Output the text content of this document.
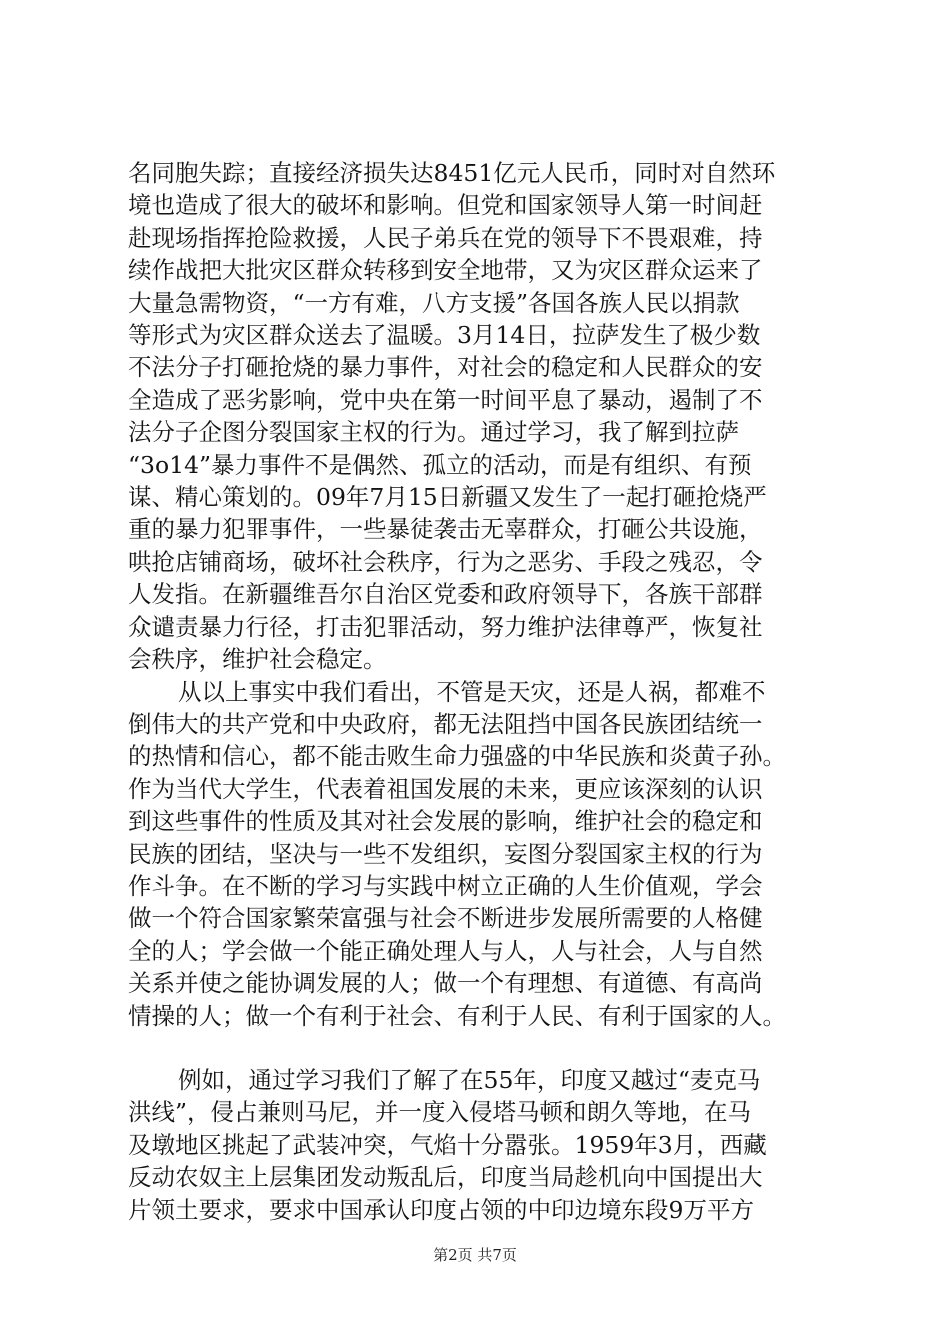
名同胞失踪；直接经济损失达8451亿元人民币，同时对自然环
境也造成了很大的破坏和影响。但党和国家领导人第一时间赶
赴现场指挥抢险救援，人民子弟兵在党的领导下不畏艰难，持
续作战把大批灾区群众转移到安全地带，又为灾区群众运来了
大量急需物资，“一方有难，八方支援”各国各族人民以捐款
等形式为灾区群众送去了温暖。3月14日，拉萨发生了极少数
不法分子打砸抢烧的暴力事件，对社会的稳定和人民群众的安
全造成了恶劣影响，党中央在第一时间平息了暴动，遏制了不
法分子企图分裂国家主权的行为。通过学习，我了解到拉萨
“3o14”暴力事件不是偶然、孤立的活动，而是有组织、有预
谋、精心策划的。09年7月15日新疆又发生了一起打砸抢烧严
重的暴力犯罪事件，一些暴徒袭击无辜群众，打砸公共设施，
哄抢店铺商场，破坏社会秩序，行为之恶劣、手段之残忍，令
人发指。在新疆维吾尔自治区党委和政府领导下，各族干部群
众谴责暴力行径，打击犯罪活动，努力维护法律尊严，恢复社
会秩序，维护社会稳定。
从以上事实中我们看出，不管是天灾，还是人祸，都难不
倒伟大的共产党和中央政府，都无法阻挡中国各民族团结统一
的热情和信心，都不能击败生命力强盛的中华民族和炎黄子孙。
作为当代大学生，代表着祖国发展的未来，更应该深刻的认识
到这些事件的性质及其对社会发展的影响，维护社会的稳定和
民族的团结，坚决与一些不发组织，妄图分裂国家主权的行为
作斗争。在不断的学习与实践中树立正确的人生价值观，学会
做一个符合国家繁荣富强与社会不断进步发展所需要的人格健
全的人；学会做一个能正确处理人与人，人与社会，人与自然
关系并使之能协调发展的人；做一个有理想、有道德、有高尚
情操的人；做一个有利于社会、有利于人民、有利于国家的人。
例如，通过学习我们了解了在55年，印度又越过“麦克马
洪线”，侵占兼则马尼，并一度入侵塔马顿和朗久等地，在马
及墩地区挑起了武装冲突，气焰十分嚣张。1959年3月，西藏
反动农奴主上层集团发动叛乱后，印度当局趁机向中国提出大
片领土要求，要求中国承认印度占领的中印边境东段9万平方
第2页 共7页
